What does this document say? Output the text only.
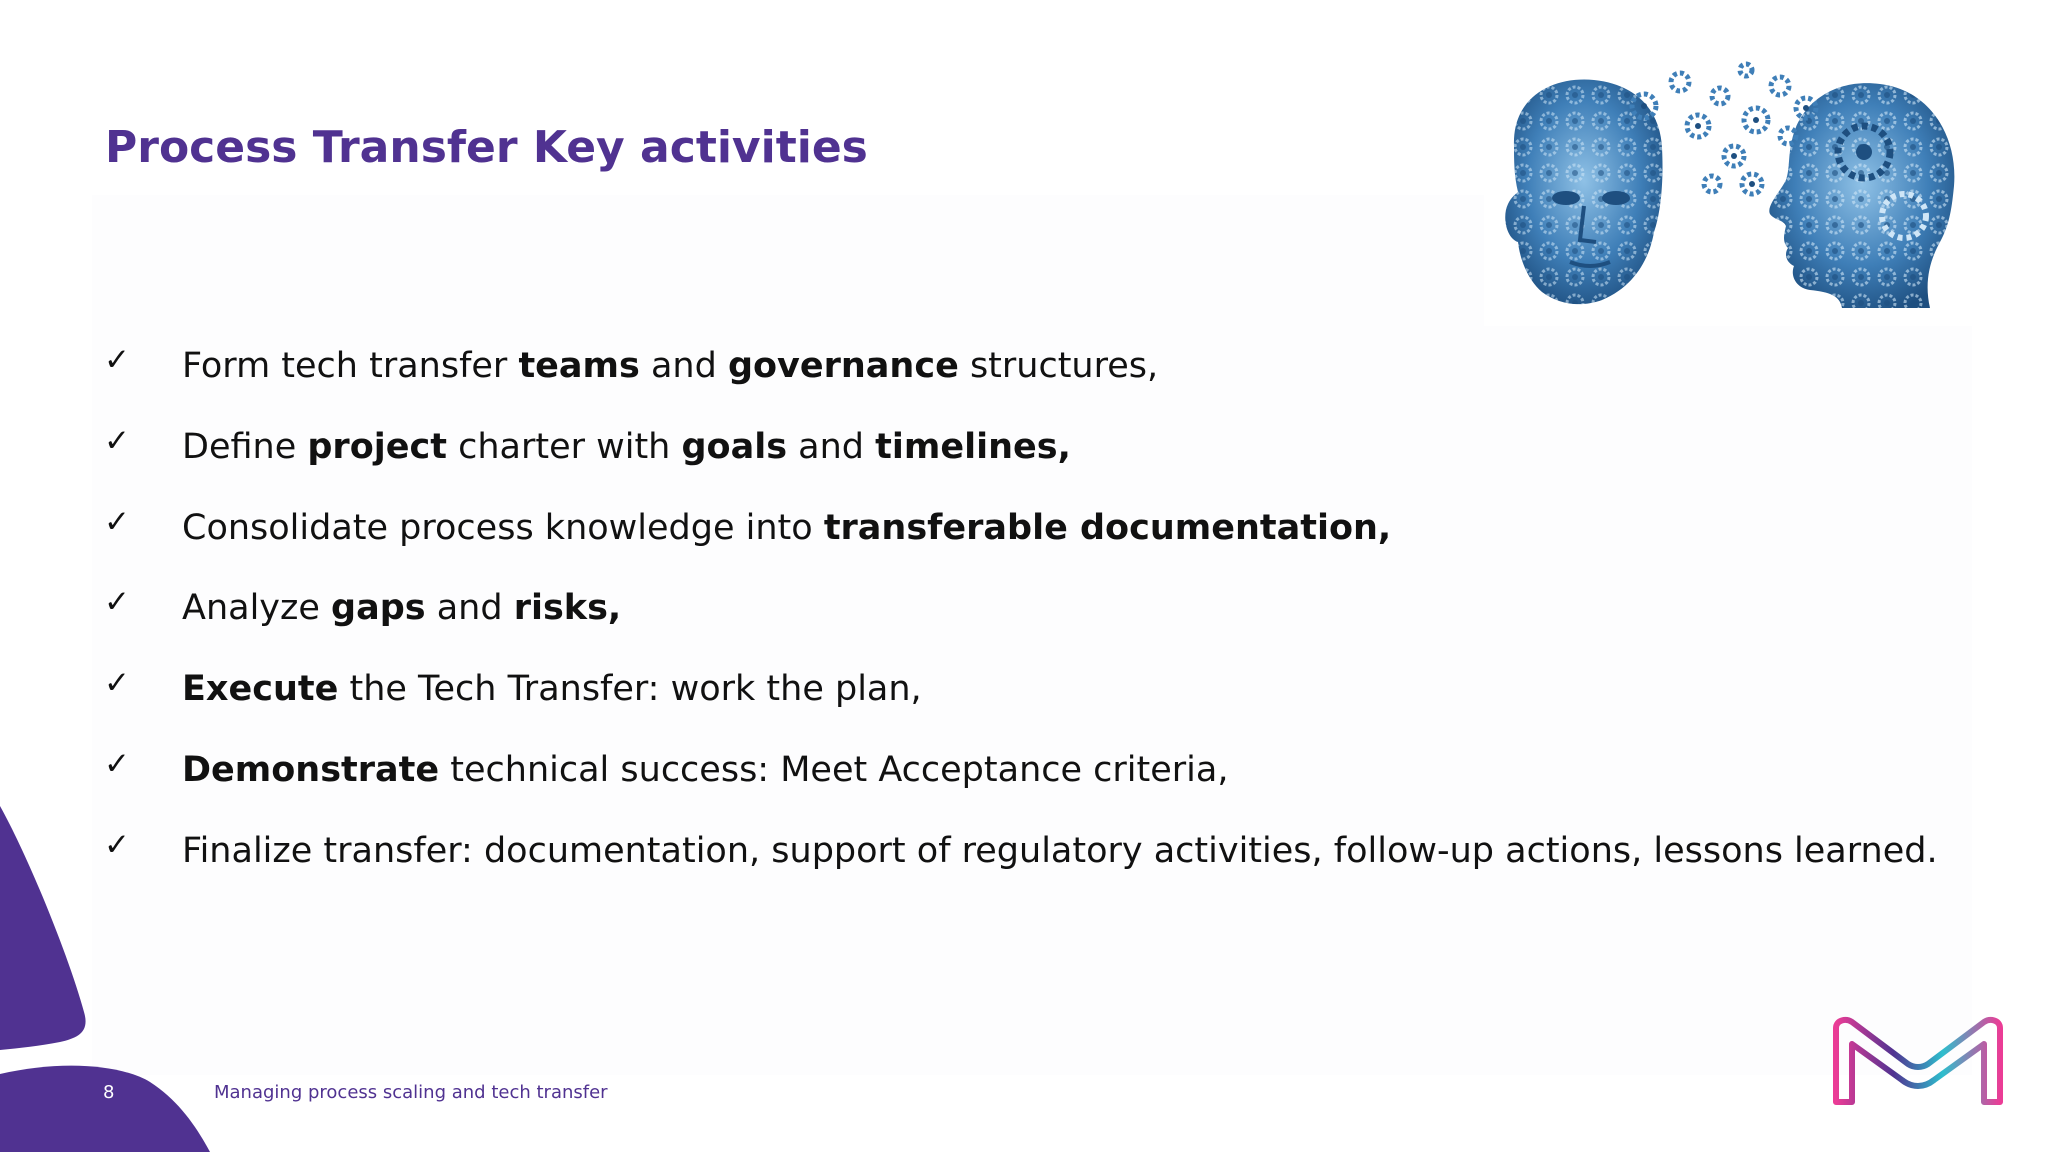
Process Transfer Key activities
✓ Form tech transfer teams and governance structures,
✓ Define project charter with goals and timelines,
✓ Consolidate process knowledge into transferable documentation,
✓ Analyze gaps and risks,
✓ Execute the Tech Transfer: work the plan,
✓ Demonstrate technical success: Meet Acceptance criteria,
✓ Finalize transfer: documentation, support of regulatory activities, follow-up actions, lessons learned.
8	Managing process scaling and tech transfer
